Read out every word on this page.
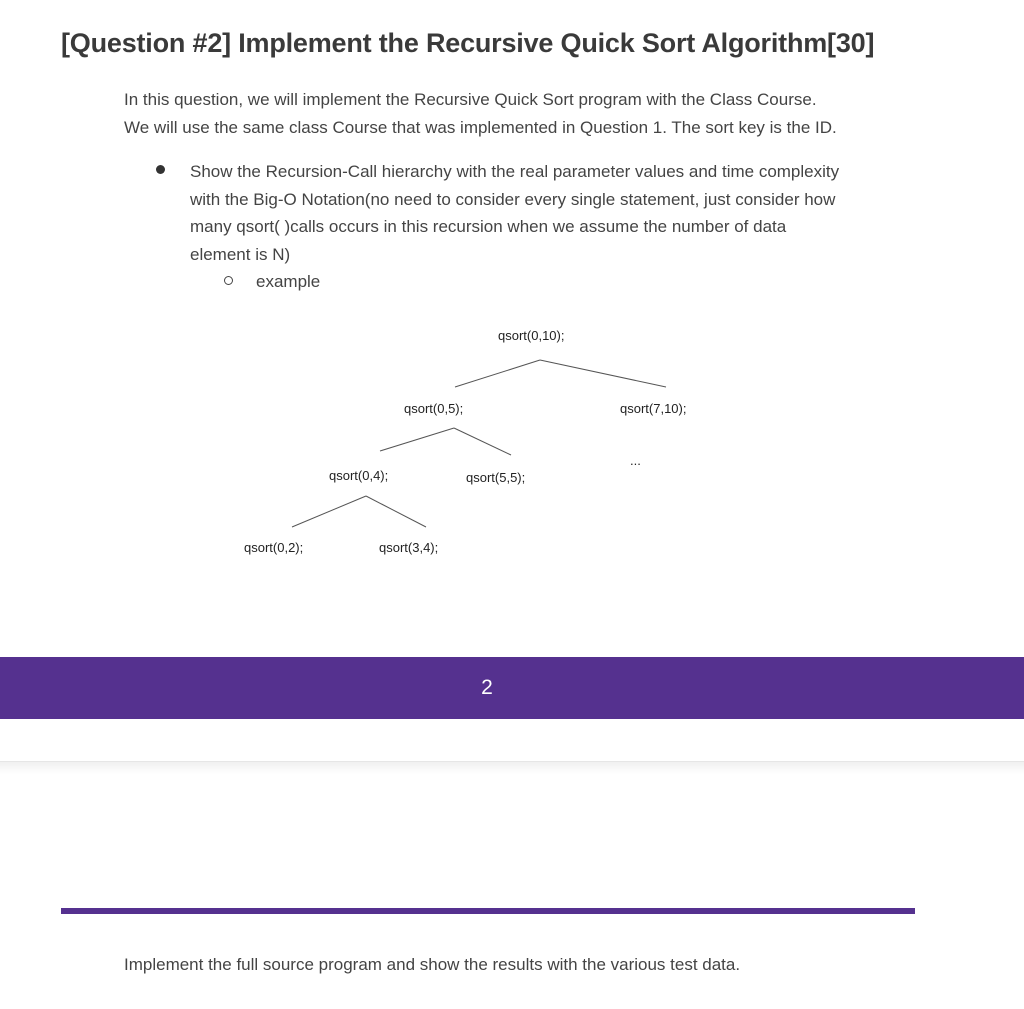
[Question #2] Implement the Recursive Quick Sort Algorithm[30]
In this question, we will implement the Recursive Quick Sort program with the Class Course.
We will use the same class Course that was implemented in Question 1. The sort key is the ID.
Show the Recursion-Call hierarchy with the real parameter values and time complexity
with the Big-O Notation(no need to consider every single statement, just consider how
many qsort( )calls occurs in this recursion when we assume the number of data
element is N)
example
qsort(0,10);
qsort(0,5);	qsort(7,10);
...
qsort(0,4);	qsort(5,5);
qsort(0,2);	qsort(3,4);
2
Implement the full source program and show the results with the various test data.
